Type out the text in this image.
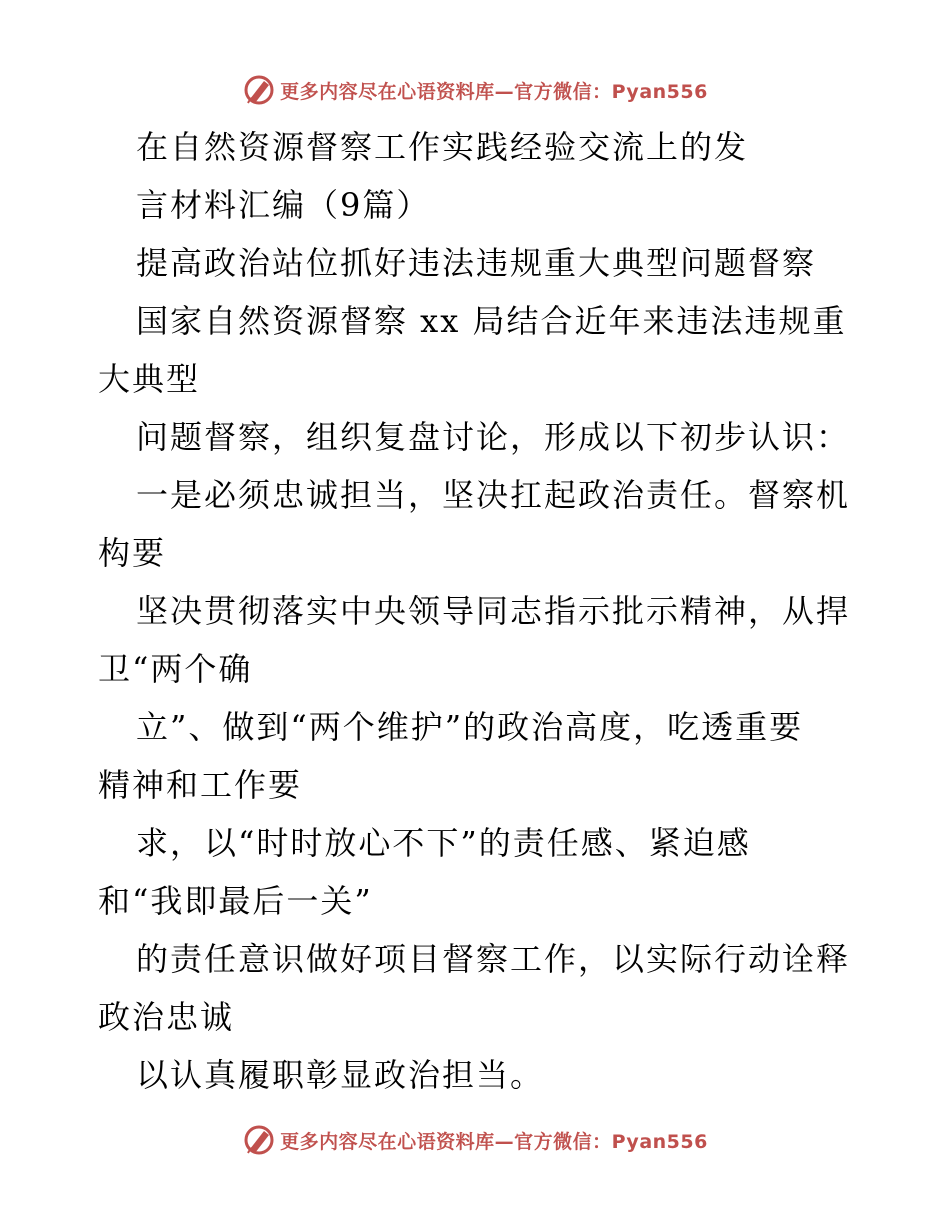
更多内容尽在心语资料库—官方微信：Pyan556
在自然资源督察工作实践经验交流上的发
言材料汇编（9篇）
提高政治站位抓好违法违规重大典型问题督察
国家自然资源督察 xx 局结合近年来违法违规重
大典型
问题督察，组织复盘讨论，形成以下初步认识：
一是必须忠诚担当，坚决扛起政治责任。督察机
构要
坚决贯彻落实中央领导同志指示批示精神，从捍
卫“两个确
立”、做到“两个维护”的政治高度，吃透重要
精神和工作要
求，以“时时放心不下”的责任感、紧迫感
和“我即最后一关”
的责任意识做好项目督察工作，以实际行动诠释
政治忠诚
以认真履职彰显政治担当。
更多内容尽在心语资料库—官方微信：Pyan556
